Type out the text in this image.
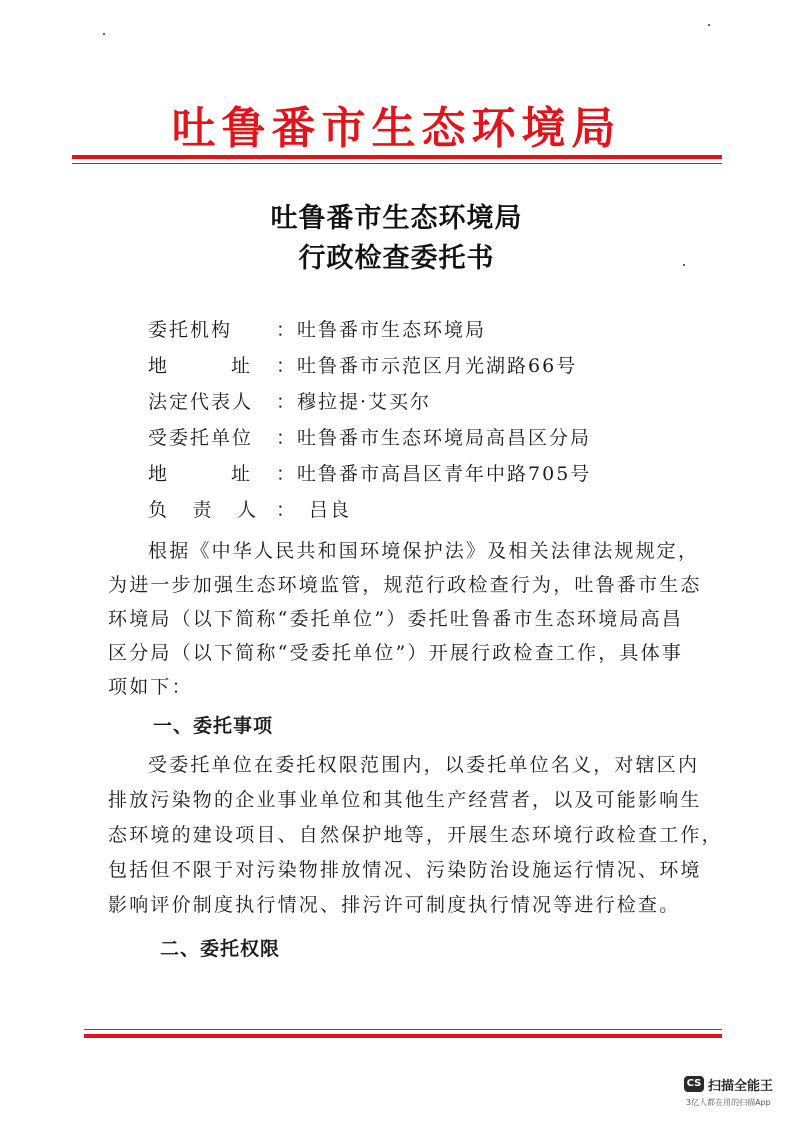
吐鲁番市生态环境局
吐鲁番市生态环境局
行政检查委托书
委托机构 ：吐鲁番市生态环境局
地 址 ：吐鲁番市示范区月光湖路66号
法定代表人 ：穆拉提·艾买尔
受委托单位 ：吐鲁番市生态环境局高昌区分局
地 址 ：吐鲁番市高昌区青年中路705号
负 责 人 ： 吕良
根据《中华人民共和国环境保护法》及相关法律法规规定，
为进一步加强生态环境监管，规范行政检查行为，吐鲁番市生态
环境局（以下简称“委托单位”）委托吐鲁番市生态环境局高昌
区分局（以下简称“受委托单位”）开展行政检查工作，具体事
项如下：
一、委托事项
受委托单位在委托权限范围内，以委托单位名义，对辖区内
排放污染物的企业事业单位和其他生产经营者，以及可能影响生
态环境的建设项目、自然保护地等，开展生态环境行政检查工作，
包括但不限于对污染物排放情况、污染防治设施运行情况、环境
影响评价制度执行情况、排污许可制度执行情况等进行检查。
二、委托权限
CS 扫描全能王
3亿人都在用的扫描App
